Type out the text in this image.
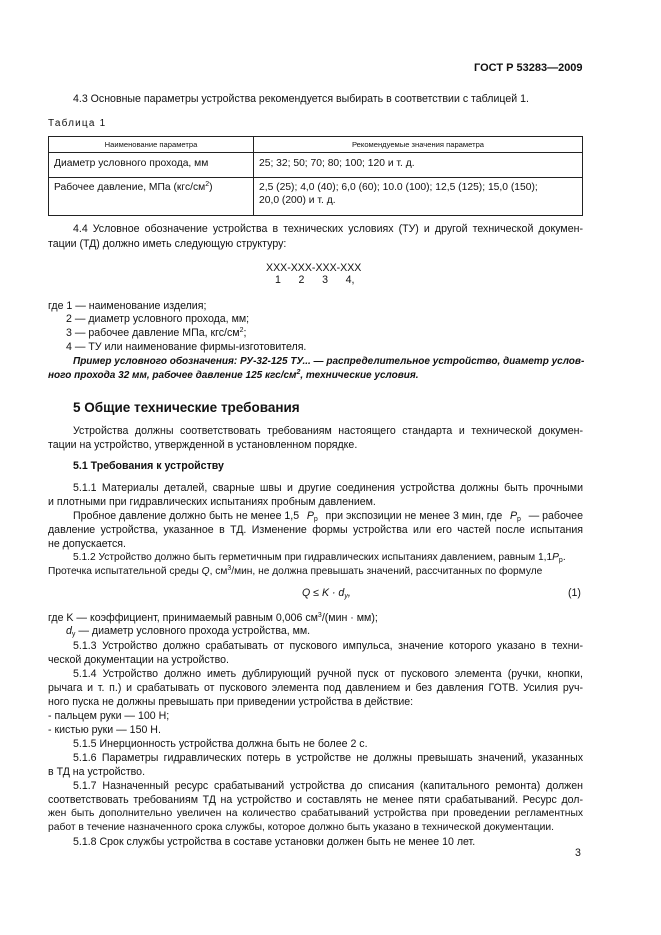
ГОСТ Р 53283—2009
4.3 Основные параметры устройства рекомендуется выбирать в соответствии с таблицей 1.
Таблица 1
Наименование параметра	Рекомендуемые значения параметра
Диаметр условного прохода, мм	25; 32; 50; 70; 80; 100; 120 и т. д.
Рабочее давление, МПа $(кгс/см^2)$	2,5 (25); 4,0 (40); 6,0 (60); 10.0 (100); 12,5 (125); 15,0 (150);
20,0 (200) и т. д.
4.4 Условное обозначение устройства в технических условиях (ТУ) и другой технической докумен-
тации (ТД) должно иметь следующую структуру:
XXX-XXX-XXX-XXX
1      2      3      4,
где 1 — наименование изделия;
2 — диаметр условного прохода, мм;
3 — рабочее давление МПа, кгс/$см^2$;
4 — ТУ или наименование фирмы-изготовителя.
Пример условного обозначения: РУ-32-125 ТУ... — распределительное устройство, диаметр услов-
ного прохода 32 мм, рабочее давление 125 кгс/$см^2$, технические условия.
5 Общие технические требования
Устройства должны соответствовать требованиям настоящего стандарта и технической докумен-
тации на устройство, утвержденной в установленном порядке.
5.1 Требования к устройству
5.1.1 Материалы деталей, сварные швы и другие соединения устройства должны быть прочными
и плотными при гидравлических испытаниях пробным давлением.
Пробное давление должно быть не менее 1,5 $P_р$ при экспозиции не менее 3 мин, где $P_р$ — рабочее
давление устройства, указанное в ТД. Изменение формы устройства или его частей после испытания
не допускается.
5.1.2 Устройство должно быть герметичным при гидравлических испытаниях давлением, равным $1,1P_р$.
Протечка испытательной среды Q, $см^3$/мин, не должна превышать значений, рассчитанных по формуле
$Q \le K \cdot d_у$,	(1)
где K — коэффициент, принимаемый равным 0,006 $см^3/(мин \cdot мм)$;
$d_у$ — диаметр условного прохода устройства, мм.
5.1.3 Устройство должно срабатывать от пускового импульса, значение которого указано в техни-
ческой документации на устройство.
5.1.4 Устройство должно иметь дублирующий ручной пуск от пускового элемента (ручки, кнопки,
рычага и т. п.) и срабатывать от пускового элемента под давлением и без давления ГОТВ. Усилия руч-
ного пуска не должны превышать при приведении устройства в действие:
- пальцем руки — 100 Н;
- кистью руки — 150 Н.
5.1.5 Инерционность устройства должна быть не более 2 с.
5.1.6 Параметры гидравлических потерь в устройстве не должны превышать значений, указанных
в ТД на устройство.
5.1.7 Назначенный ресурс срабатываний устройства до списания (капитального ремонта) должен
соответствовать требованиям ТД на устройство и составлять не менее пяти срабатываний. Ресурс дол-
жен быть дополнительно увеличен на количество срабатываний устройства при проведении регламентных
работ в течение назначенного срока службы, которое должно быть указано в технической документации.
5.1.8 Срок службы устройства в составе установки должен быть не менее 10 лет.
3
